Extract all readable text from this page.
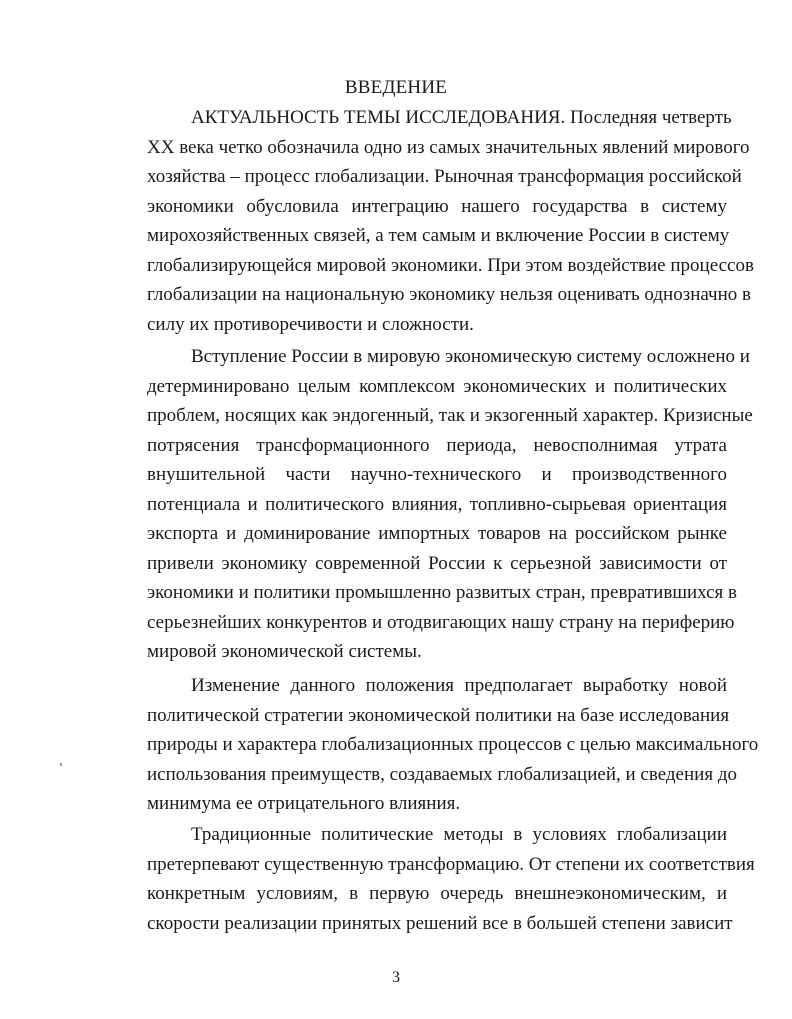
ВВЕДЕНИЕ
АКТУАЛЬНОСТЬ ТЕМЫ ИССЛЕДОВАНИЯ. Последняя четверть
XX века четко обозначила одно из самых значительных явлений мирового
хозяйства – процесс глобализации. Рыночная трансформация российской
экономики обусловила интеграцию нашего государства в систему
мирохозяйственных связей, а тем самым и включение России в систему
глобализирующейся мировой экономики. При этом воздействие процессов
глобализации на национальную экономику нельзя оценивать однозначно в
силу их противоречивости и сложности.
Вступление России в мировую экономическую систему осложнено и
детерминировано целым комплексом экономических и политических
проблем, носящих как эндогенный, так и экзогенный характер. Кризисные
потрясения трансформационного периода, невосполнимая утрата
внушительной части научно-технического и производственного
потенциала и политического влияния, топливно-сырьевая ориентация
экспорта и доминирование импортных товаров на российском рынке
привели экономику современной России к серьезной зависимости от
экономики и политики промышленно развитых стран, превратившихся в
серьезнейших конкурентов и отодвигающих нашу страну на периферию
мировой экономической системы.
Изменение данного положения предполагает выработку новой
политической стратегии экономической политики на базе исследования
природы и характера глобализационных процессов с целью максимального
использования преимуществ, создаваемых глобализацией, и сведения до
минимума ее отрицательного влияния.
Традиционные политические методы в условиях глобализации
претерпевают существенную трансформацию. От степени их соответствия
конкретным условиям, в первую очередь внешнеэкономическим, и
скорости реализации принятых решений все в большей степени зависит
3
